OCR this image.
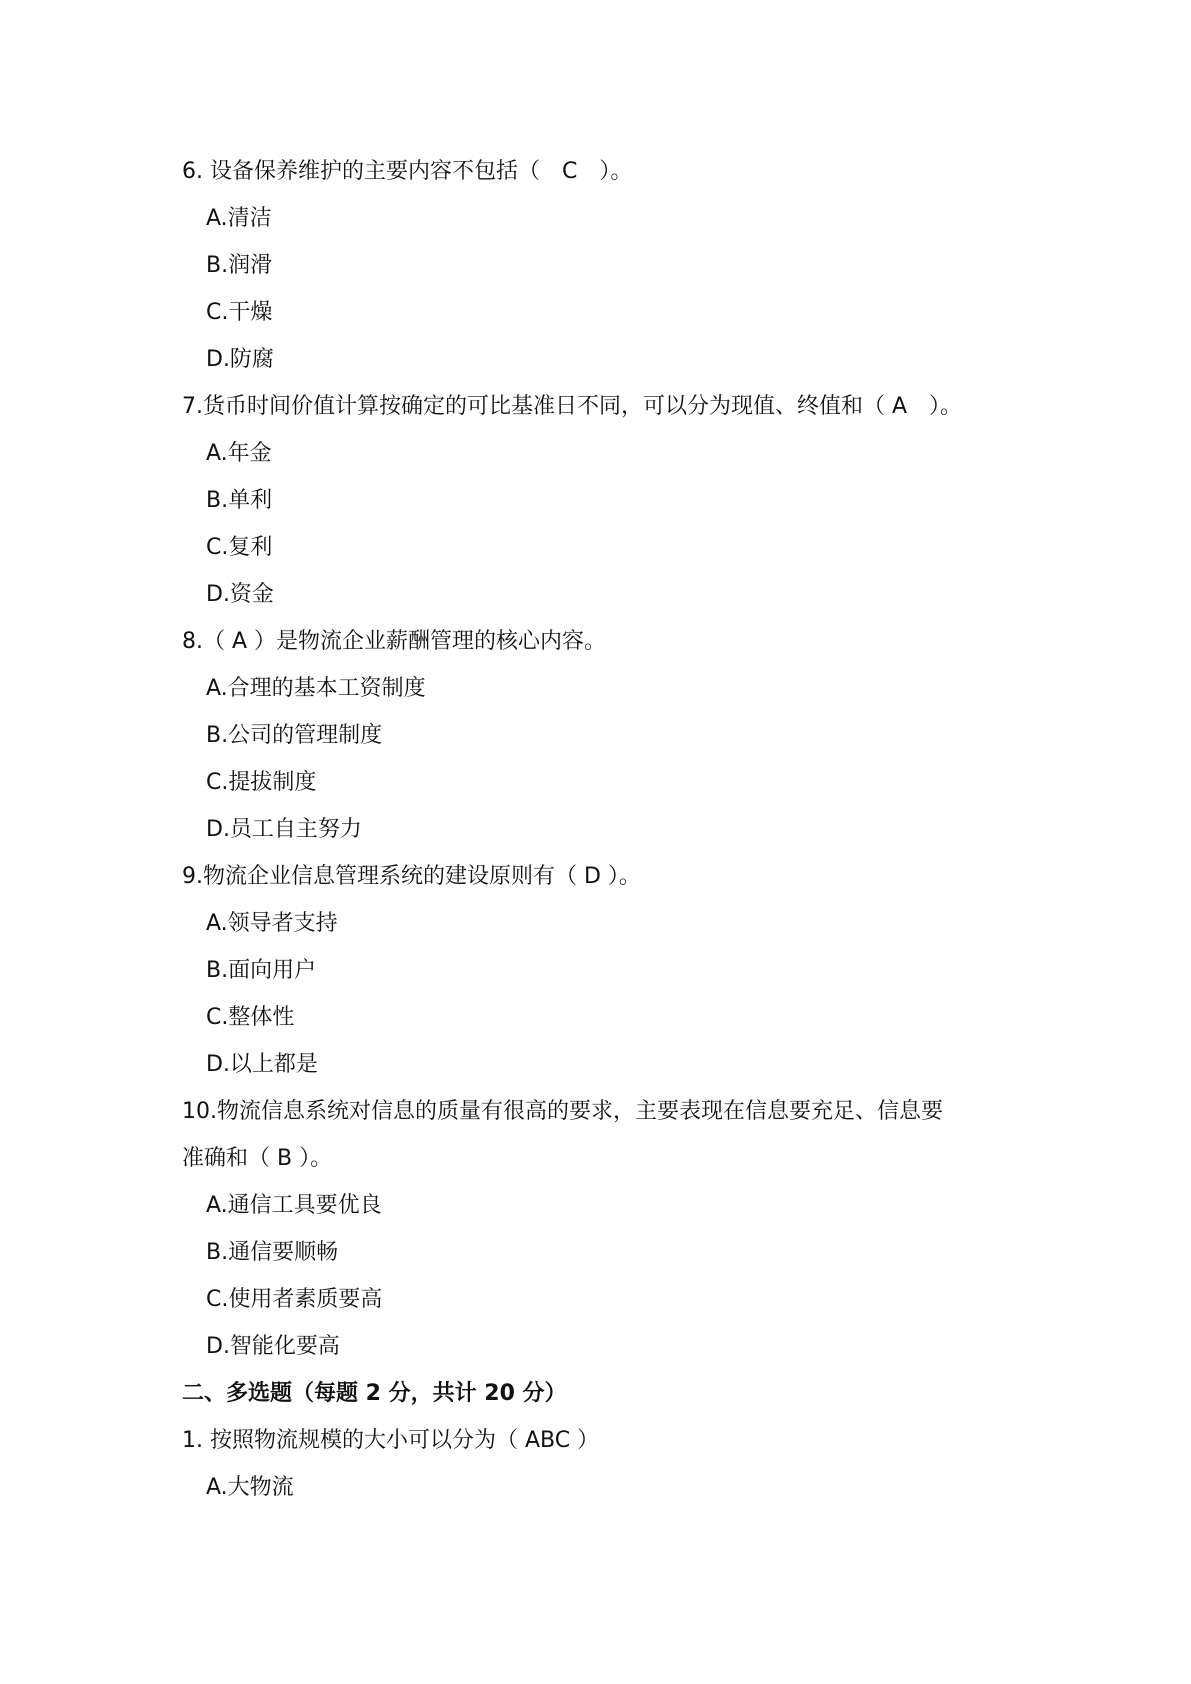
6. 设备保养维护的主要内容不包括（　C　）。
A.清洁
B.润滑
C.干燥
D.防腐
7.货币时间价值计算按确定的可比基准日不同，可以分为现值、终值和（ A　）。
A.年金
B.单利
C.复利
D.资金
8.（ A ）是物流企业薪酬管理的核心内容。
A.合理的基本工资制度
B.公司的管理制度
C.提拔制度
D.员工自主努力
9.物流企业信息管理系统的建设原则有（ D ）。
A.领导者支持
B.面向用户
C.整体性
D.以上都是
10.物流信息系统对信息的质量有很高的要求，主要表现在信息要充足、信息要
准确和（ B ）。
A.通信工具要优良
B.通信要顺畅
C.使用者素质要高
D.智能化要高
二、多选题（每题 2 分，共计 20 分）
1. 按照物流规模的大小可以分为（ ABC ）
A.大物流
